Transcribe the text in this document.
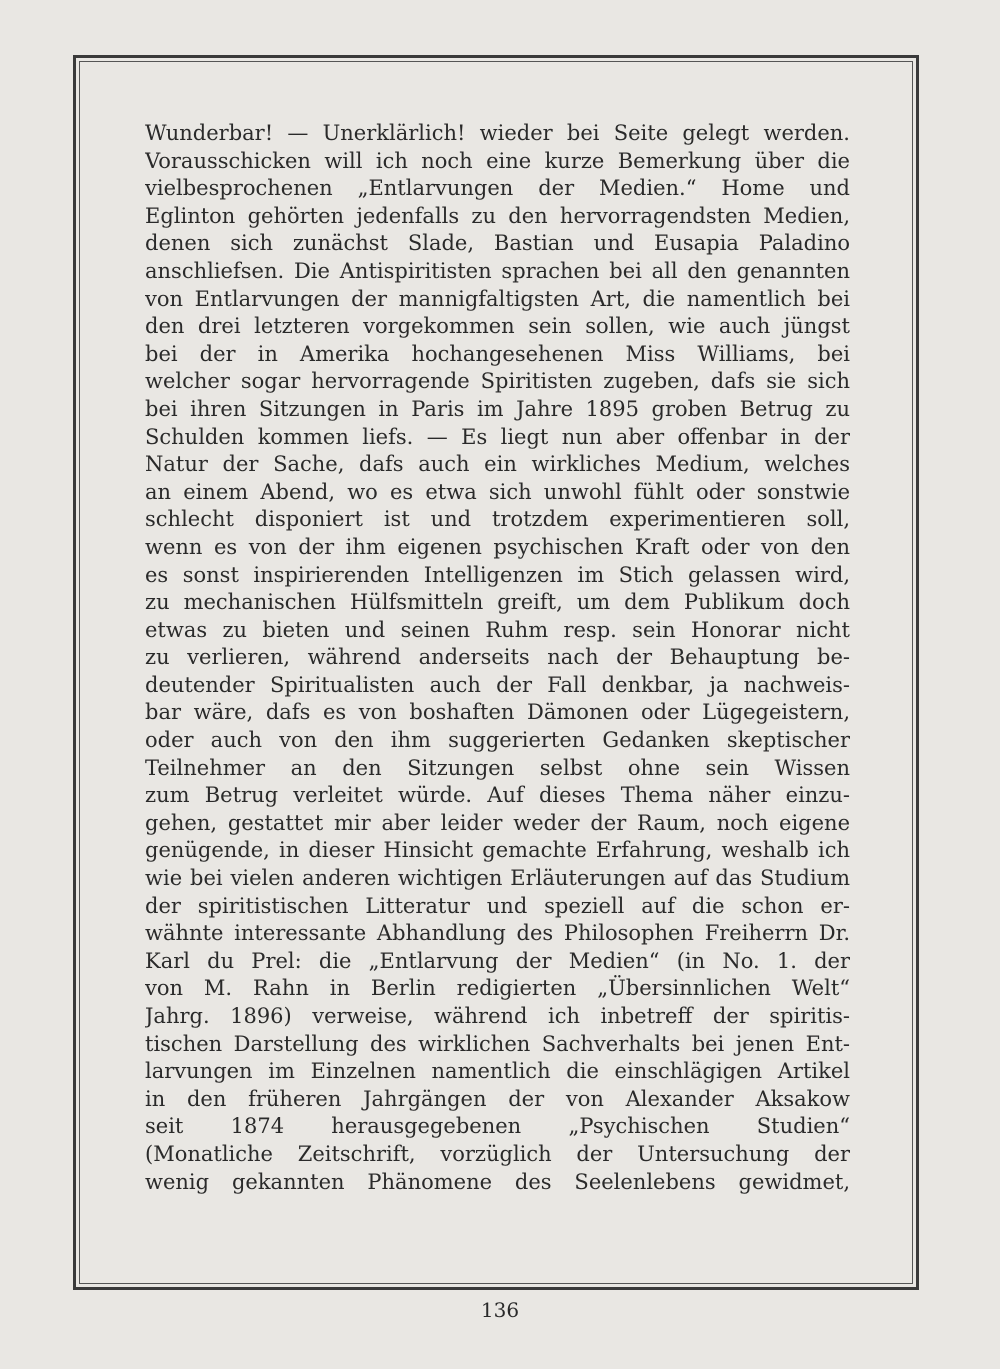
Wunderbar! — Unerklärlich! wieder bei Seite gelegt werden.
Vorausschicken will ich noch eine kurze Bemerkung über die
vielbesprochenen „Entlarvungen der Medien.“ Home und
Eglinton gehörten jedenfalls zu den hervorragendsten Medien,
denen sich zunächst Slade, Bastian und Eusapia Paladino
anschliefsen. Die Antispiritisten sprachen bei all den genannten
von Entlarvungen der mannigfaltigsten Art, die namentlich bei
den drei letzteren vorgekommen sein sollen, wie auch jüngst
bei der in Amerika hochangesehenen Miss Williams, bei
welcher sogar hervorragende Spiritisten zugeben, dafs sie sich
bei ihren Sitzungen in Paris im Jahre 1895 groben Betrug zu
Schulden kommen liefs. — Es liegt nun aber offenbar in der
Natur der Sache, dafs auch ein wirkliches Medium, welches
an einem Abend, wo es etwa sich unwohl fühlt oder sonstwie
schlecht disponiert ist und trotzdem experimentieren soll,
wenn es von der ihm eigenen psychischen Kraft oder von den
es sonst inspirierenden Intelligenzen im Stich gelassen wird,
zu mechanischen Hülfsmitteln greift, um dem Publikum doch
etwas zu bieten und seinen Ruhm resp. sein Honorar nicht
zu verlieren, während anderseits nach der Behauptung be-
deutender Spiritualisten auch der Fall denkbar, ja nachweis-
bar wäre, dafs es von boshaften Dämonen oder Lügegeistern,
oder auch von den ihm suggerierten Gedanken skeptischer
Teilnehmer an den Sitzungen selbst ohne sein Wissen
zum Betrug verleitet würde. Auf dieses Thema näher einzu-
gehen, gestattet mir aber leider weder der Raum, noch eigene
genügende, in dieser Hinsicht gemachte Erfahrung, weshalb ich
wie bei vielen anderen wichtigen Erläuterungen auf das Studium
der spiritistischen Litteratur und speziell auf die schon er-
wähnte interessante Abhandlung des Philosophen Freiherrn Dr.
Karl du Prel: die „Entlarvung der Medien“ (in No. 1. der
von M. Rahn in Berlin redigierten „Übersinnlichen Welt“
Jahrg. 1896) verweise, während ich inbetreff der spiritis-
tischen Darstellung des wirklichen Sachverhalts bei jenen Ent-
larvungen im Einzelnen namentlich die einschlägigen Artikel
in den früheren Jahrgängen der von Alexander Aksakow
seit 1874 herausgegebenen „Psychischen Studien“
(Monatliche Zeitschrift, vorzüglich der Untersuchung der
wenig gekannten Phänomene des Seelenlebens gewidmet,
136
